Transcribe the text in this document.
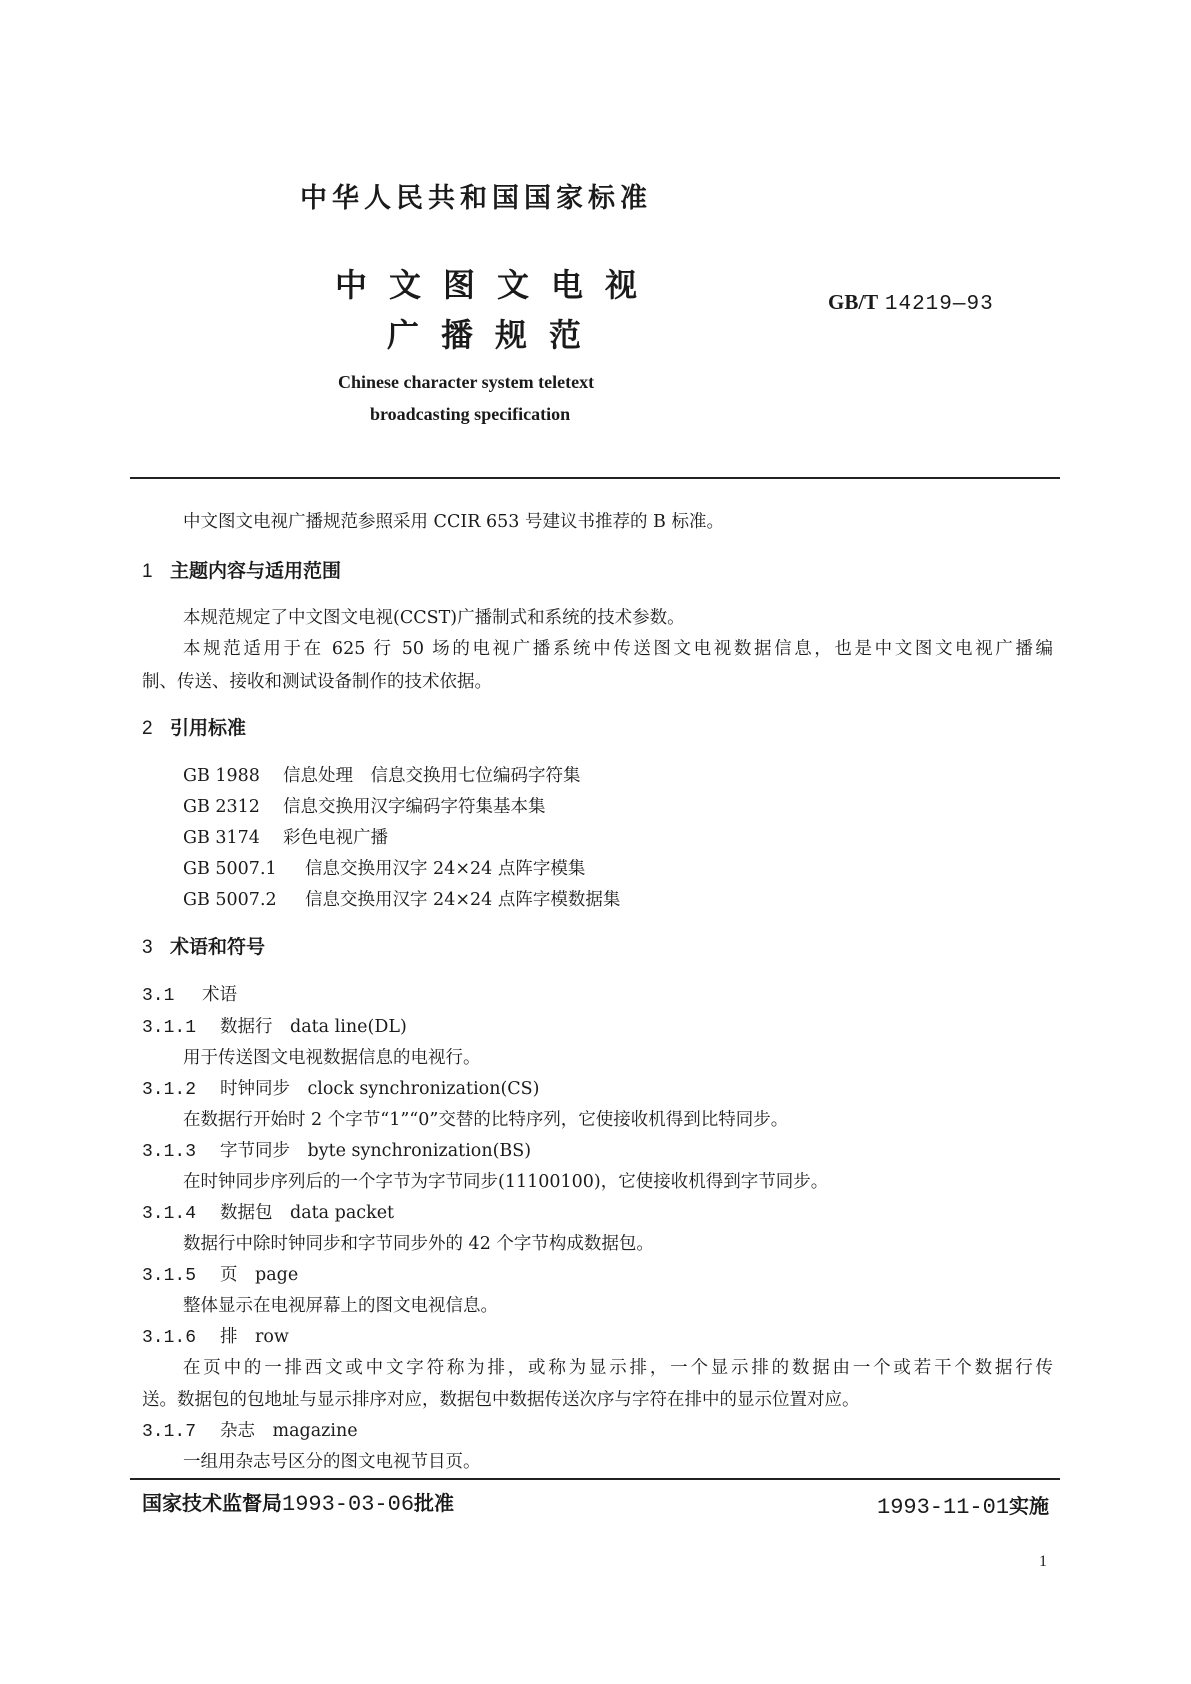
中华人民共和国国家标准
中文图文电视
广播规范
GB/T 14219—93
Chinese character system teletext
broadcasting specification
中文图文电视广播规范参照采用 CCIR 653 号建议书推荐的 B 标准。
1 主题内容与适用范围
本规范规定了中文图文电视(CCST)广播制式和系统的技术参数。
本规范适用于在 625 行 50 场的电视广播系统中传送图文电视数据信息，也是中文图文电视广播编
制、传送、接收和测试设备制作的技术依据。
2 引用标准
GB 1988 信息处理　信息交换用七位编码字符集
GB 2312 信息交换用汉字编码字符集基本集
GB 3174 彩色电视广播
GB 5007.1 信息交换用汉字 24×24 点阵字模集
GB 5007.2 信息交换用汉字 24×24 点阵字模数据集
3 术语和符号
3.1 术语
3.1.1 数据行　 data line(DL)
用于传送图文电视数据信息的电视行。
3.1.2 时钟同步　 clock synchronization(CS)
在数据行开始时 2 个字节“1”“0”交替的比特序列，它使接收机得到比特同步。
3.1.3 字节同步　 byte synchronization(BS)
在时钟同步序列后的一个字节为字节同步(11100100)，它使接收机得到字节同步。
3.1.4 数据包　 data packet
数据行中除时钟同步和字节同步外的 42 个字节构成数据包。
3.1.5 页　 page
整体显示在电视屏幕上的图文电视信息。
3.1.6 排　 row
在页中的一排西文或中文字符称为排，或称为显示排，一个显示排的数据由一个或若干个数据行传
送。数据包的包地址与显示排序对应，数据包中数据传送次序与字符在排中的显示位置对应。
3.1.7 杂志　 magazine
一组用杂志号区分的图文电视节目页。
国家技术监督局1993-03-06批准	1993-11-01实施
1
